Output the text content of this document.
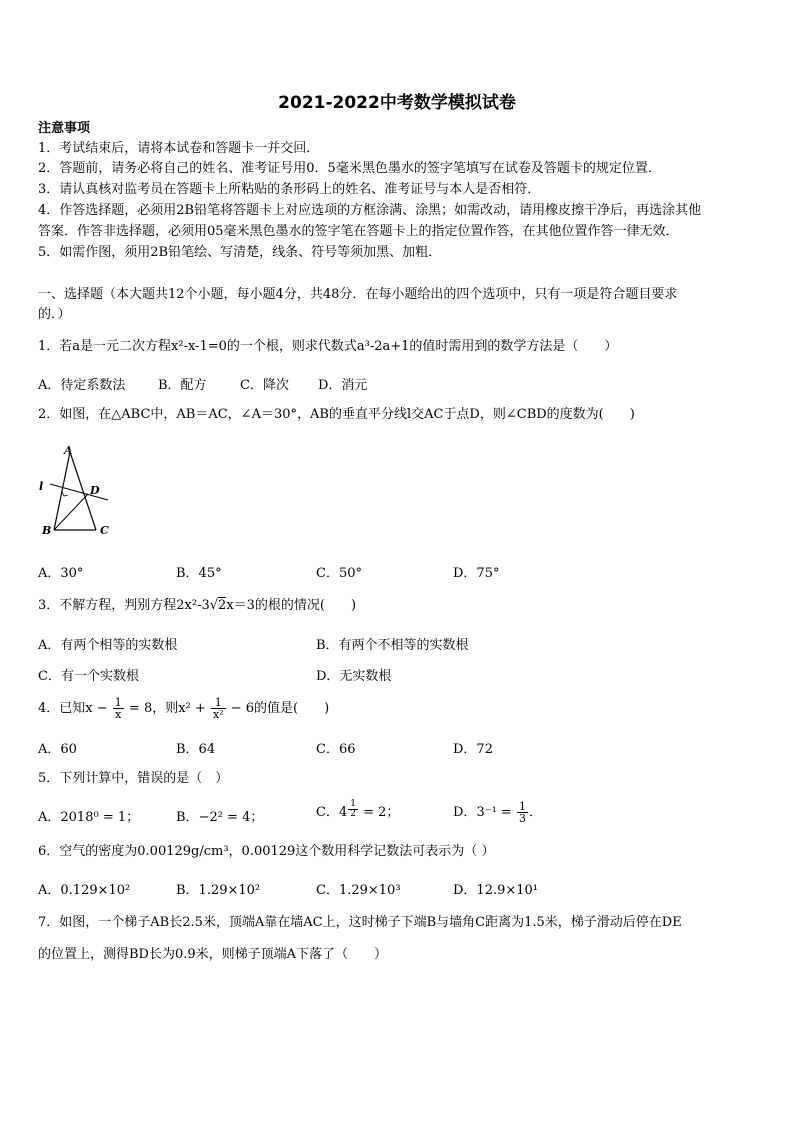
2021-2022中考数学模拟试卷
注意事项
1．考试结束后，请将本试卷和答题卡一并交回．
2．答题前，请务必将自己的姓名、准考证号用0．5毫米黑色墨水的签字笔填写在试卷及答题卡的规定位置．
3．请认真核对监考员在答题卡上所粘贴的条形码上的姓名、准考证号与本人是否相符．
4．作答选择题，必须用2B铅笔将答题卡上对应选项的方框涂满、涂黑；如需改动，请用橡皮擦干净后，再选涂其他
答案．作答非选择题，必须用05毫米黑色墨水的签字笔在答题卡上的指定位置作答，在其他位置作答一律无效．
5．如需作图，须用2B铅笔绘、写清楚，线条、符号等须加黑、加粗．
一、选择题（本大题共12个小题，每小题4分，共48分．在每小题给出的四个选项中，只有一项是符合题目要求
的．）
1．若a是一元二次方程x²-x-1=0的一个根，则求代数式a³-2a+1的值时需用到的数学方法是（　　）
A．待定系数法	B．配方	C．降次 D．消元
2．如图，在△ABC中，AB＝AC，∠A＝30°，AB的垂直平分线l交AC于点D，则∠CBD的度数为(　　)
A
B	C
D
l
A．30°	B．45°	C．50°	D．75°
3．不解方程，判别方程2x²-3√2x＝3的根的情况(　　)
A．有两个相等的实数根	B．有两个不相等的实数根
C．有一个实数根	D．无实数根
4．已知$x - \frac{1}{x} = 8$，则$x^2 + \frac{1}{\text{x²}} - 6$的值是(　　)
A．60	B．64	C．66	D．72
5．下列计算中，错误的是（　）
A．2018⁰ = 1；	B．−2² = 4；	C．$4 \frac{1}{2} = 2$；	D．$3^{-1} = \frac{1}{3}$ ．
6．空气的密度为0.00129g/cm³，0.00129这个数用科学记数法可表示为（ ）
A．0.129×10²	B．1.29×10²	C．1.29×10³	D．12.9×10¹
7．如图，一个梯子AB长2.5米，顶端A靠在墙AC上，这时梯子下端B与墙角C距离为1.5米，梯子滑动后停在DE
的位置上，测得BD长为0.9米，则梯子顶端A下落了（　　）
